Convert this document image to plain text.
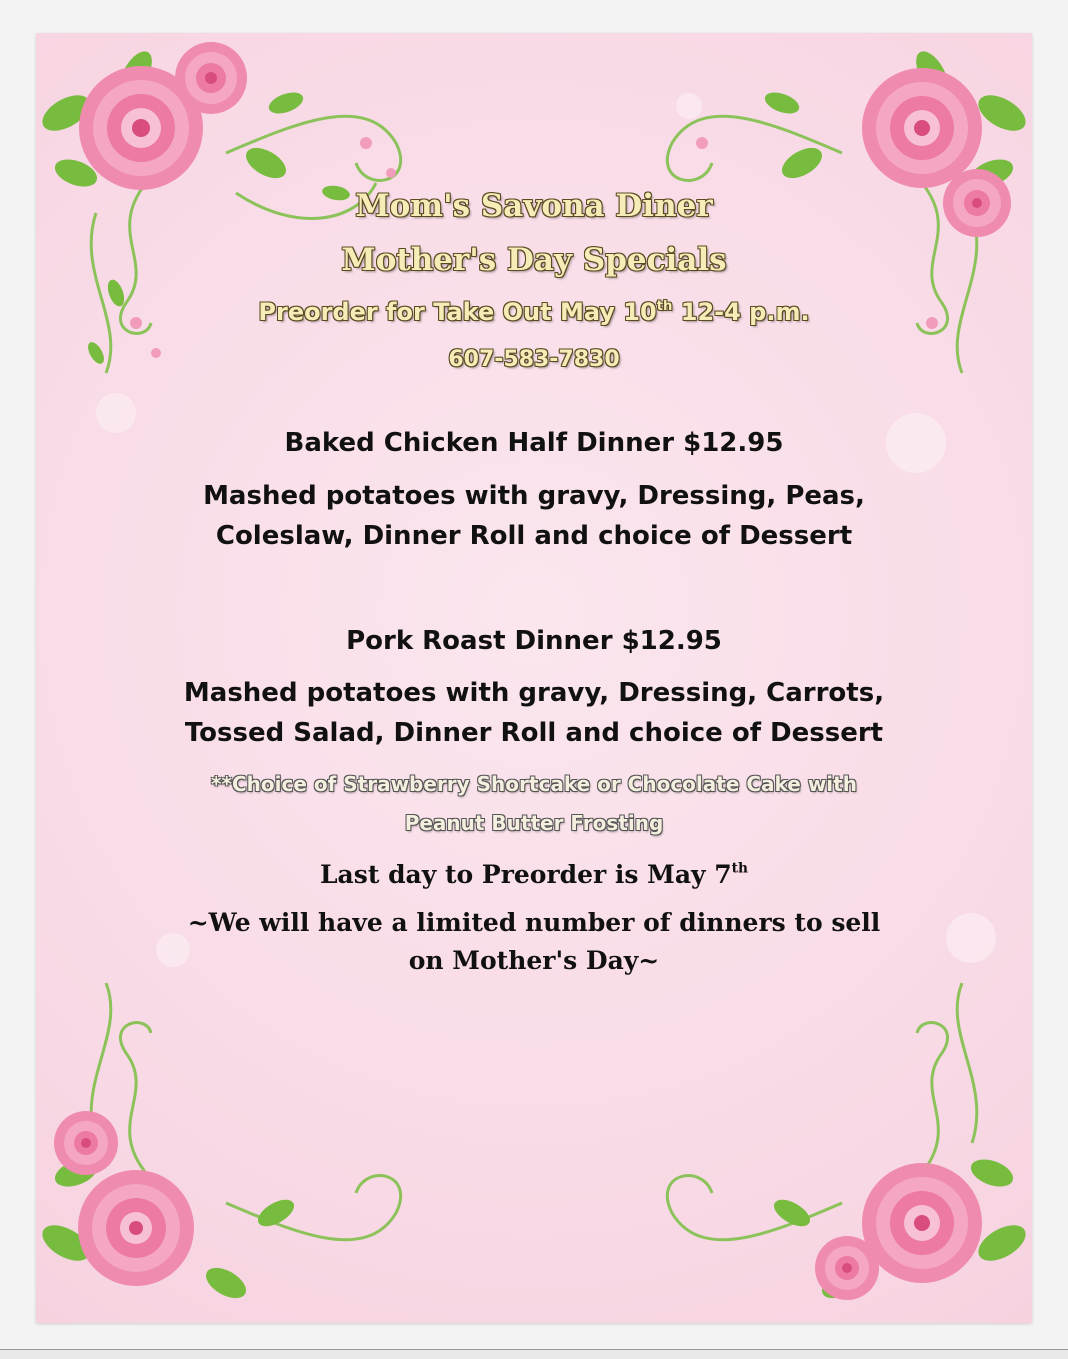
Mom's Savona Diner
Mother's Day Specials
Preorder for Take Out May 10th 12-4 p.m.
607-583-7830
Baked Chicken Half Dinner $12.95
Mashed potatoes with gravy, Dressing, Peas,
Coleslaw, Dinner Roll and choice of Dessert
Pork Roast Dinner $12.95
Mashed potatoes with gravy, Dressing, Carrots,
Tossed Salad, Dinner Roll and choice of Dessert
**Choice of Strawberry Shortcake or Chocolate Cake with
Peanut Butter Frosting
Last day to Preorder is May 7th
~We will have a limited number of dinners to sell
on Mother's Day~
